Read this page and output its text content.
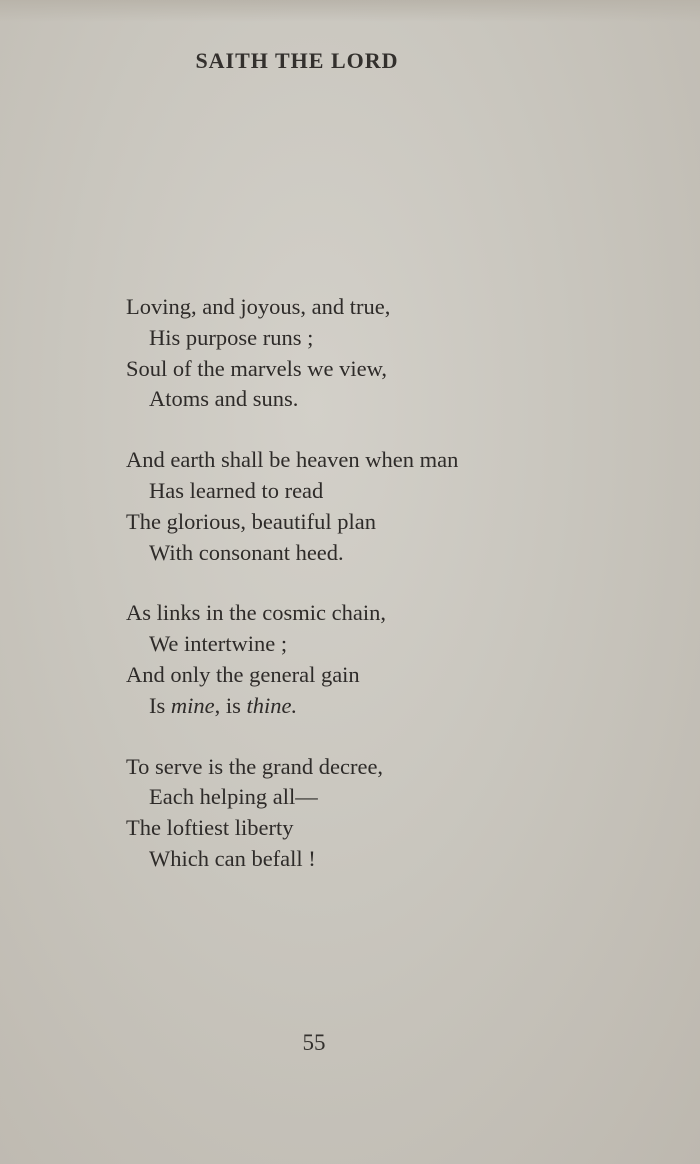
SAITH THE LORD
Loving, and joyous, and true,
His purpose runs ;
Soul of the marvels we view,
Atoms and suns.
And earth shall be heaven when man
Has learned to read
The glorious, beautiful plan
With consonant heed.
As links in the cosmic chain,
We intertwine ;
And only the general gain
Is mine, is thine.
To serve is the grand decree,
Each helping all—
The loftiest liberty
Which can befall !
55
